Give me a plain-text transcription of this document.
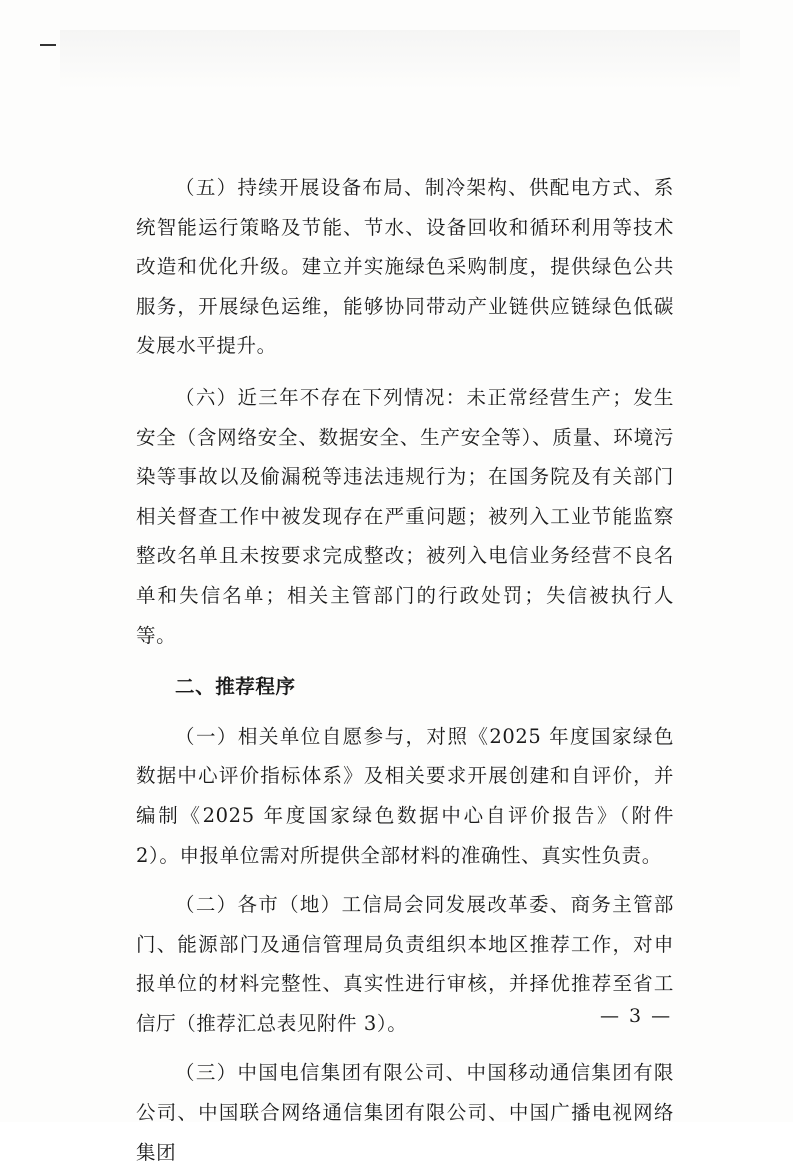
（五）持续开展设备布局、制冷架构、供配电方式、系统智能运行策略及节能、节水、设备回收和循环利用等技术改造和优化升级。建立并实施绿色采购制度，提供绿色公共服务，开展绿色运维，能够协同带动产业链供应链绿色低碳发展水平提升。

（六）近三年不存在下列情况：未正常经营生产；发生安全（含网络安全、数据安全、生产安全等）、质量、环境污染等事故以及偷漏税等违法违规行为；在国务院及有关部门相关督查工作中被发现存在严重问题；被列入工业节能监察整改名单且未按要求完成整改；被列入电信业务经营不良名单和失信名单；相关主管部门的行政处罚；失信被执行人等。

二、推荐程序

（一）相关单位自愿参与，对照《2025 年度国家绿色数据中心评价指标体系》及相关要求开展创建和自评价，并编制《2025 年度国家绿色数据中心自评价报告》（附件 2）。申报单位需对所提供全部材料的准确性、真实性负责。

（二）各市（地）工信局会同发展改革委、商务主管部门、能源部门及通信管理局负责组织本地区推荐工作，对申报单位的材料完整性、真实性进行审核，并择优推荐至省工信厅（推荐汇总表见附件 3）。

（三）中国电信集团有限公司、中国移动通信集团有限公司、中国联合网络通信集团有限公司、中国广播电视网络集团

— 3 —
